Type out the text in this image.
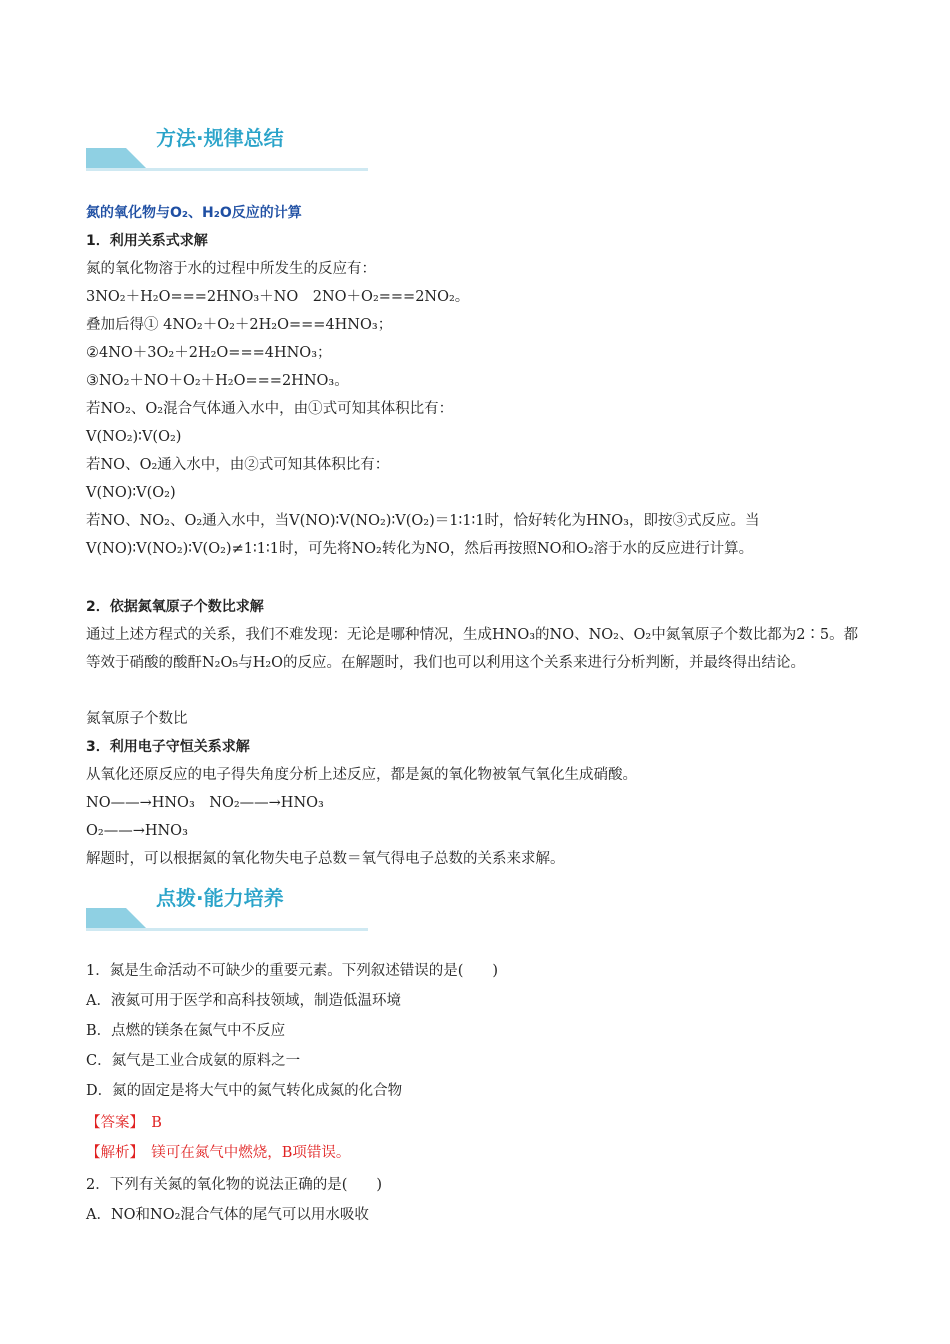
方法·规律总结
氮的氧化物与O₂、H₂O反应的计算
1．利用关系式求解
氮的氧化物溶于水的过程中所发生的反应有：
3NO₂＋H₂O===2HNO₃＋NO　 2NO＋O₂===2NO₂。
叠加后得① 4NO₂＋O₂＋2H₂O===4HNO₃；
②4NO＋3O₂＋2H₂O===4HNO₃；
③NO₂＋NO＋O₂＋H₂O===2HNO₃。
若NO₂、O₂混合气体通入水中，由①式可知其体积比有：
V(NO₂)∶V(O₂)
若NO、O₂通入水中，由②式可知其体积比有：
V(NO)∶V(O₂)
若NO、NO₂、O₂通入水中，当V(NO)∶V(NO₂)∶V(O₂)＝1∶1∶1时，恰好转化为HNO₃，即按③式反应。当V(NO)∶V(NO₂)∶V(O₂)≠1∶1∶1时，可先将NO₂转化为NO，然后再按照NO和O₂溶于水的反应进行计算。
2．依据氮氧原子个数比求解
通过上述方程式的关系，我们不难发现：无论是哪种情况，生成HNO₃的NO、NO₂、O₂中氮氧原子个数比都为2∶5。都等效于硝酸的酸酐N₂O₅与H₂O的反应。在解题时，我们也可以利用这个关系来进行分析判断，并最终得出结论。
氮氧原子个数比
3．利用电子守恒关系求解
从氧化还原反应的电子得失角度分析上述反应，都是氮的氧化物被氧气氧化生成硝酸。
NO——→HNO₃　 NO₂——→HNO₃
O₂——→HNO₃
解题时，可以根据氮的氧化物失电子总数＝氧气得电子总数的关系来求解。
点拨·能力培养
1．氮是生命活动不可缺少的重要元素。下列叙述错误的是(　　)
A．液氮可用于医学和高科技领域，制造低温环境
B．点燃的镁条在氮气中不反应
C．氮气是工业合成氨的原料之一
D．氮的固定是将大气中的氮气转化成氮的化合物
【答案】　 B
【解析】　 镁可在氮气中燃烧，B项错误。
2．下列有关氮的氧化物的说法正确的是(　　)
A．NO和NO₂混合气体的尾气可以用水吸收
